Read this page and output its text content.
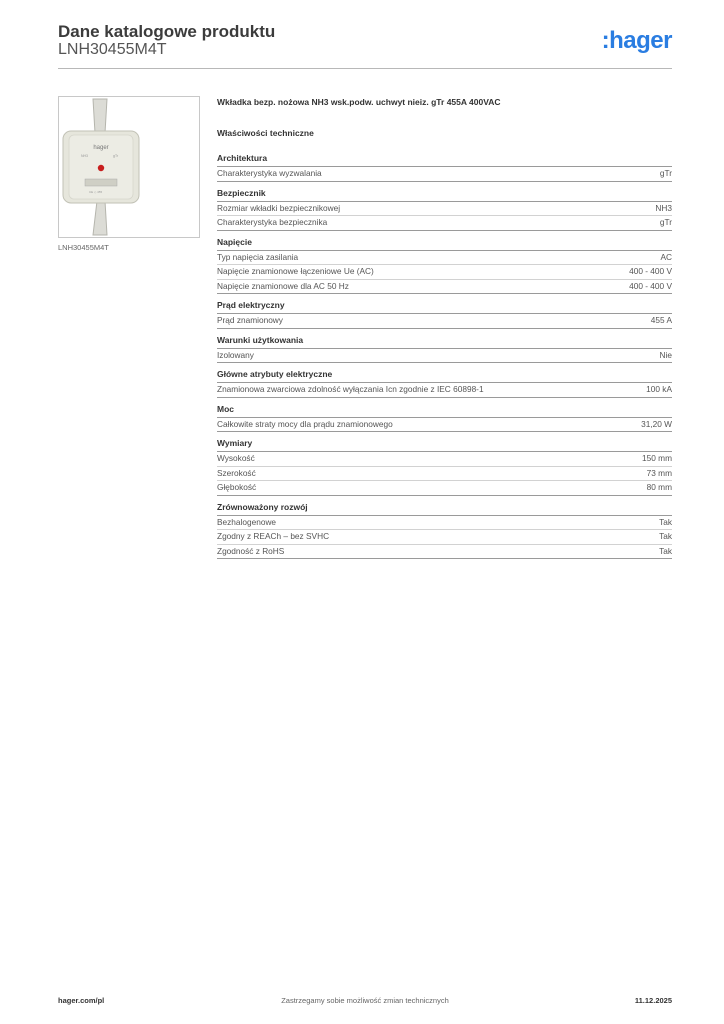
Dane katalogowe produktu
LNH30455M4T	:hager
hager
NH3	gTr
CE ◇ 455
LNH30455M4T
Wkładka bezp. nożowa NH3 wsk.podw. uchwyt nieiz. gTr 455A 400VAC
Właściwości techniczne
Architektura
Charakterystyka wyzwalania	gTr
Bezpiecznik
Rozmiar wkładki bezpiecznikowej	NH3
Charakterystyka bezpiecznika	gTr
Napięcie
Typ napięcia zasilania	AC
Napięcie znamionowe łączeniowe Ue (AC)	400 - 400 V
Napięcie znamionowe dla AC 50 Hz	400 - 400 V
Prąd elektryczny
Prąd znamionowy	455 A
Warunki użytkowania
Izolowany	Nie
Główne atrybuty elektryczne
Znamionowa zwarciowa zdolność wyłączania Icn zgodnie z IEC 60898-1	100 kA
Moc
Całkowite straty mocy dla prądu znamionowego	31,20 W
Wymiary
Wysokość	150 mm
Szerokość	73 mm
Głębokość	80 mm
Zrównoważony rozwój
Bezhalogenowe	Tak
Zgodny z REACh – bez SVHC	Tak
Zgodność z RoHS	Tak
Zastrzegamy sobie możliwość zmian technicznych
hager.com/pl	11.12.2025
